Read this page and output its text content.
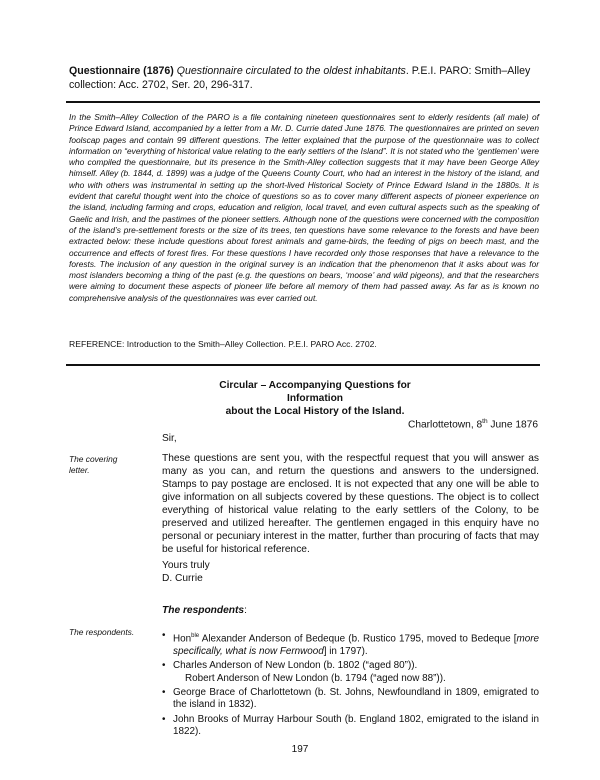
Questionnaire (1876) Questionnaire circulated to the oldest inhabitants. P.E.I. PARO: Smith–Alley collection: Acc. 2702, Ser. 20, 296-317.
In the Smith–Alley Collection of the PARO is a file containing nineteen questionnaires sent to elderly residents (all male) of Prince Edward Island, accompanied by a letter from a Mr. D. Currie dated June 1876. The questionnaires are printed on seven foolscap pages and contain 99 different questions. The letter explained that the purpose of the questionnaire was to collect information on “everything of historical value relating to the early settlers of the Island”. It is not stated who the ‘gentlemen’ were who compiled the questionnaire, but its presence in the Smith-Alley collection suggests that it may have been George Alley himself. Alley (b. 1844, d. 1899) was a judge of the Queens County Court, who had an interest in the history of the island, and who with others was instrumental in setting up the short-lived Historical Society of Prince Edward Island in the 1880s. It is evident that careful thought went into the choice of questions so as to cover many different aspects of pioneer experience on the island, including farming and crops, education and religion, local travel, and even cultural aspects such as the speaking of Gaelic and Irish, and the pastimes of the pioneer settlers. Although none of the questions were concerned with the composition of the island’s pre-settlement forests or the size of its trees, ten questions have some relevance to the forests and have been extracted below: these include questions about forest animals and game-birds, the feeding of pigs on beech mast, and the occurrence and effects of forest fires. For these questions I have recorded only those responses that have a relevance to the forests. The inclusion of any question in the original survey is an indication that the phenomenon that it asks about was for most islanders becoming a thing of the past (e.g. the questions on bears, ‘moose’ and wild pigeons), and that the researchers were aiming to document these aspects of pioneer life before all memory of them had passed away. As far as is known no comprehensive analysis of the questionnaires was ever carried out.
REFERENCE: Introduction to the Smith–Alley Collection. P.E.I. PARO Acc. 2702.
Circular – Accompanying Questions for Information
about the Local History of the Island.
Charlottetown, 8th June 1876
Sir,
The covering letter.
These questions are sent you, with the respectful request that you will answer as many as you can, and return the questions and answers to the undersigned. Stamps to pay postage are enclosed. It is not expected that any one will be able to give information on all subjects covered by these questions. The object is to collect everything of historical value relating to the early settlers of the Colony, to be preserved and utilized hereafter. The gentlemen engaged in this enquiry have no personal or pecuniary interest in the matter, further than procuring of facts that may be useful for historical reference.
Yours truly
D. Currie
The respondents:
The respondents.	• Hon$^{ble}$ Alexander Anderson of Bedeque (b. Rustico 1795, moved to Bedeque [more specifically, what is now Fernwood] in 1797).
• Charles Anderson of New London (b. 1802 (“aged 80”)).
Robert Anderson of New London (b. 1794 (“aged now 88”)).
• George Brace of Charlottetown (b. St. Johns, Newfoundland in 1809, emigrated to the island in 1832).
• John Brooks of Murray Harbour South (b. England 1802, emigrated to the island in 1822).
197
